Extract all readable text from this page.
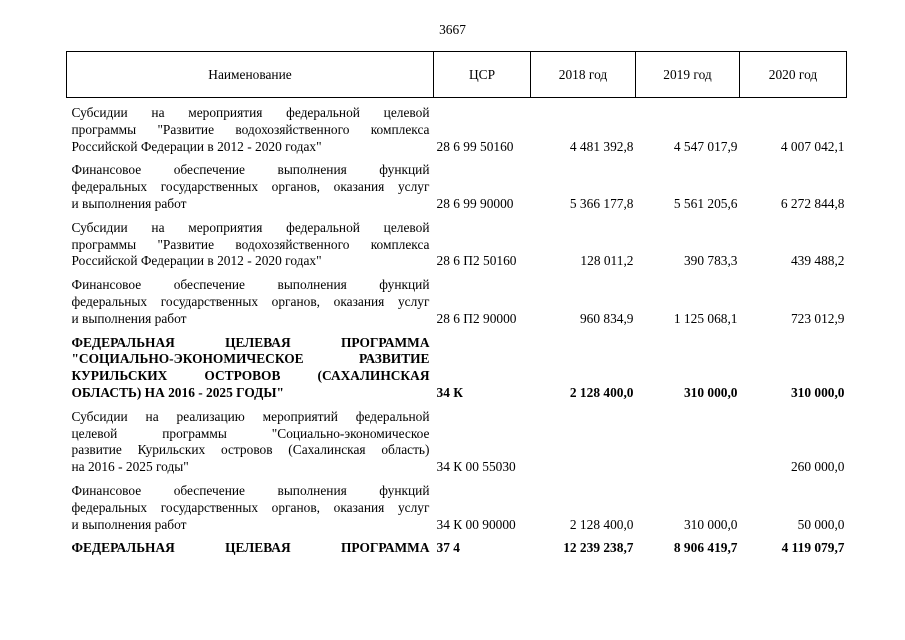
3667
Наименование	ЦСР	2018 год	2019 год	2020 год

Субсидии на мероприятия федеральной целевой
программы "Развитие водохозяйственного комплекса
Российской Федерации в 2012 - 2020 годах"	28 6 99 50160	4 481 392,8	4 547 017,9	4 007 042,1

Финансовое обеспечение выполнения функций
федеральных государственных органов, оказания услуг
и выполнения работ	28 6 99 90000	5 366 177,8	5 561 205,6	6 272 844,8

Субсидии на мероприятия федеральной целевой
программы "Развитие водохозяйственного комплекса
Российской Федерации в 2012 - 2020 годах"	28 6 П2 50160	128 011,2	390 783,3	439 488,2

Финансовое обеспечение выполнения функций
федеральных государственных органов, оказания услуг
и выполнения работ	28 6 П2 90000	960 834,9	1 125 068,1	723 012,9

ФЕДЕРАЛЬНАЯ ЦЕЛЕВАЯ ПРОГРАММА
"СОЦИАЛЬНО-ЭКОНОМИЧЕСКОЕ РАЗВИТИЕ
КУРИЛЬСКИХ ОСТРОВОВ (САХАЛИНСКАЯ
ОБЛАСТЬ) НА 2016 - 2025 ГОДЫ"	34 К	2 128 400,0	310 000,0	310 000,0

Субсидии на реализацию мероприятий федеральной
целевой программы "Социально-экономическое
развитие Курильских островов (Сахалинская область)
на 2016 - 2025 годы"	34 К 00 55030			260 000,0

Финансовое обеспечение выполнения функций
федеральных государственных органов, оказания услуг
и выполнения работ	34 К 00 90000	2 128 400,0	310 000,0	50 000,0

ФЕДЕРАЛЬНАЯ ЦЕЛЕВАЯ ПРОГРАММА	37 4	12 239 238,7	8 906 419,7	4 119 079,7
